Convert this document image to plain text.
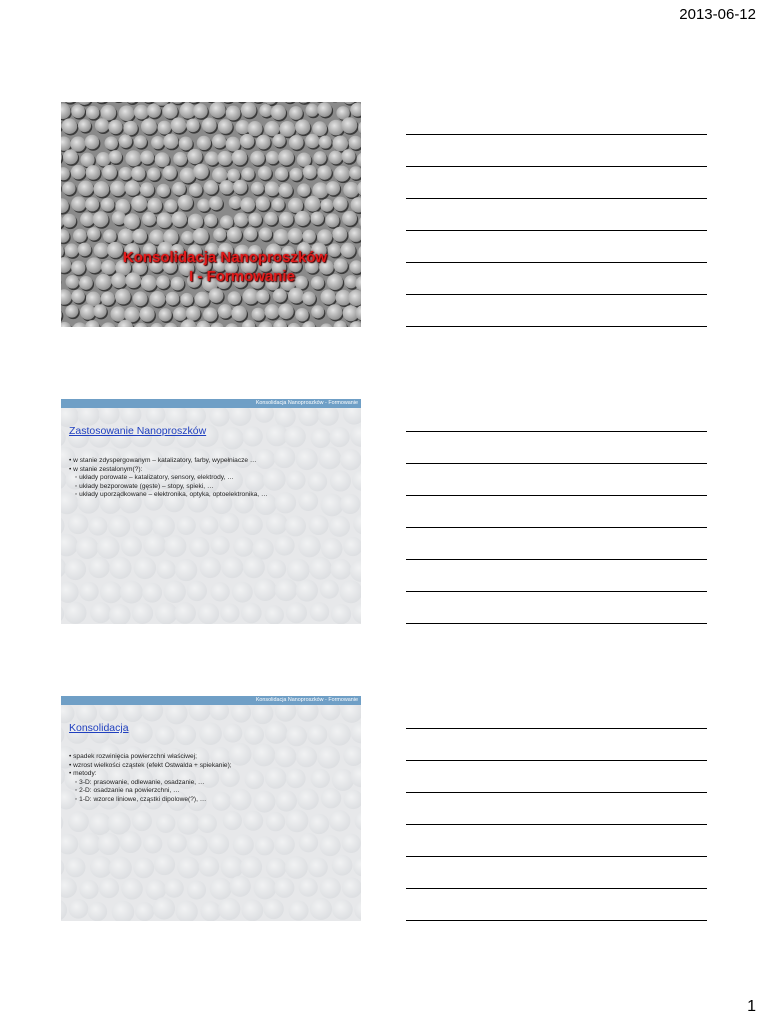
2013-06-12
Konsolidacja Nanoproszków
I - Formowanie
Konsolidacja Nanoproszków - Formowanie
Zastosowanie Nanoproszków
• w stanie zdyspergowanym – katalizatory, farby, wypełniacze …
• w stanie zestalonym(?):
◦ układy porowate – katalizatory, sensory, elektrody, …
◦ układy bezporowate (gęste) – stopy, spieki, …
◦ układy uporządkowane – elektronika, optyka, optoelektronika, …
Konsolidacja Nanoproszków - Formowanie
Konsolidacja
• spadek rozwinięcia powierzchni właściwej;
• wzrost wielkości cząstek (efekt Ostwalda + spiekanie);
• metody:
◦ 3-D: prasowanie, odlewanie, osadzanie, …
◦ 2-D: osadzanie na powierzchni, …
◦ 1-D: wzorce liniowe, cząstki dipolowe(?), …
1
